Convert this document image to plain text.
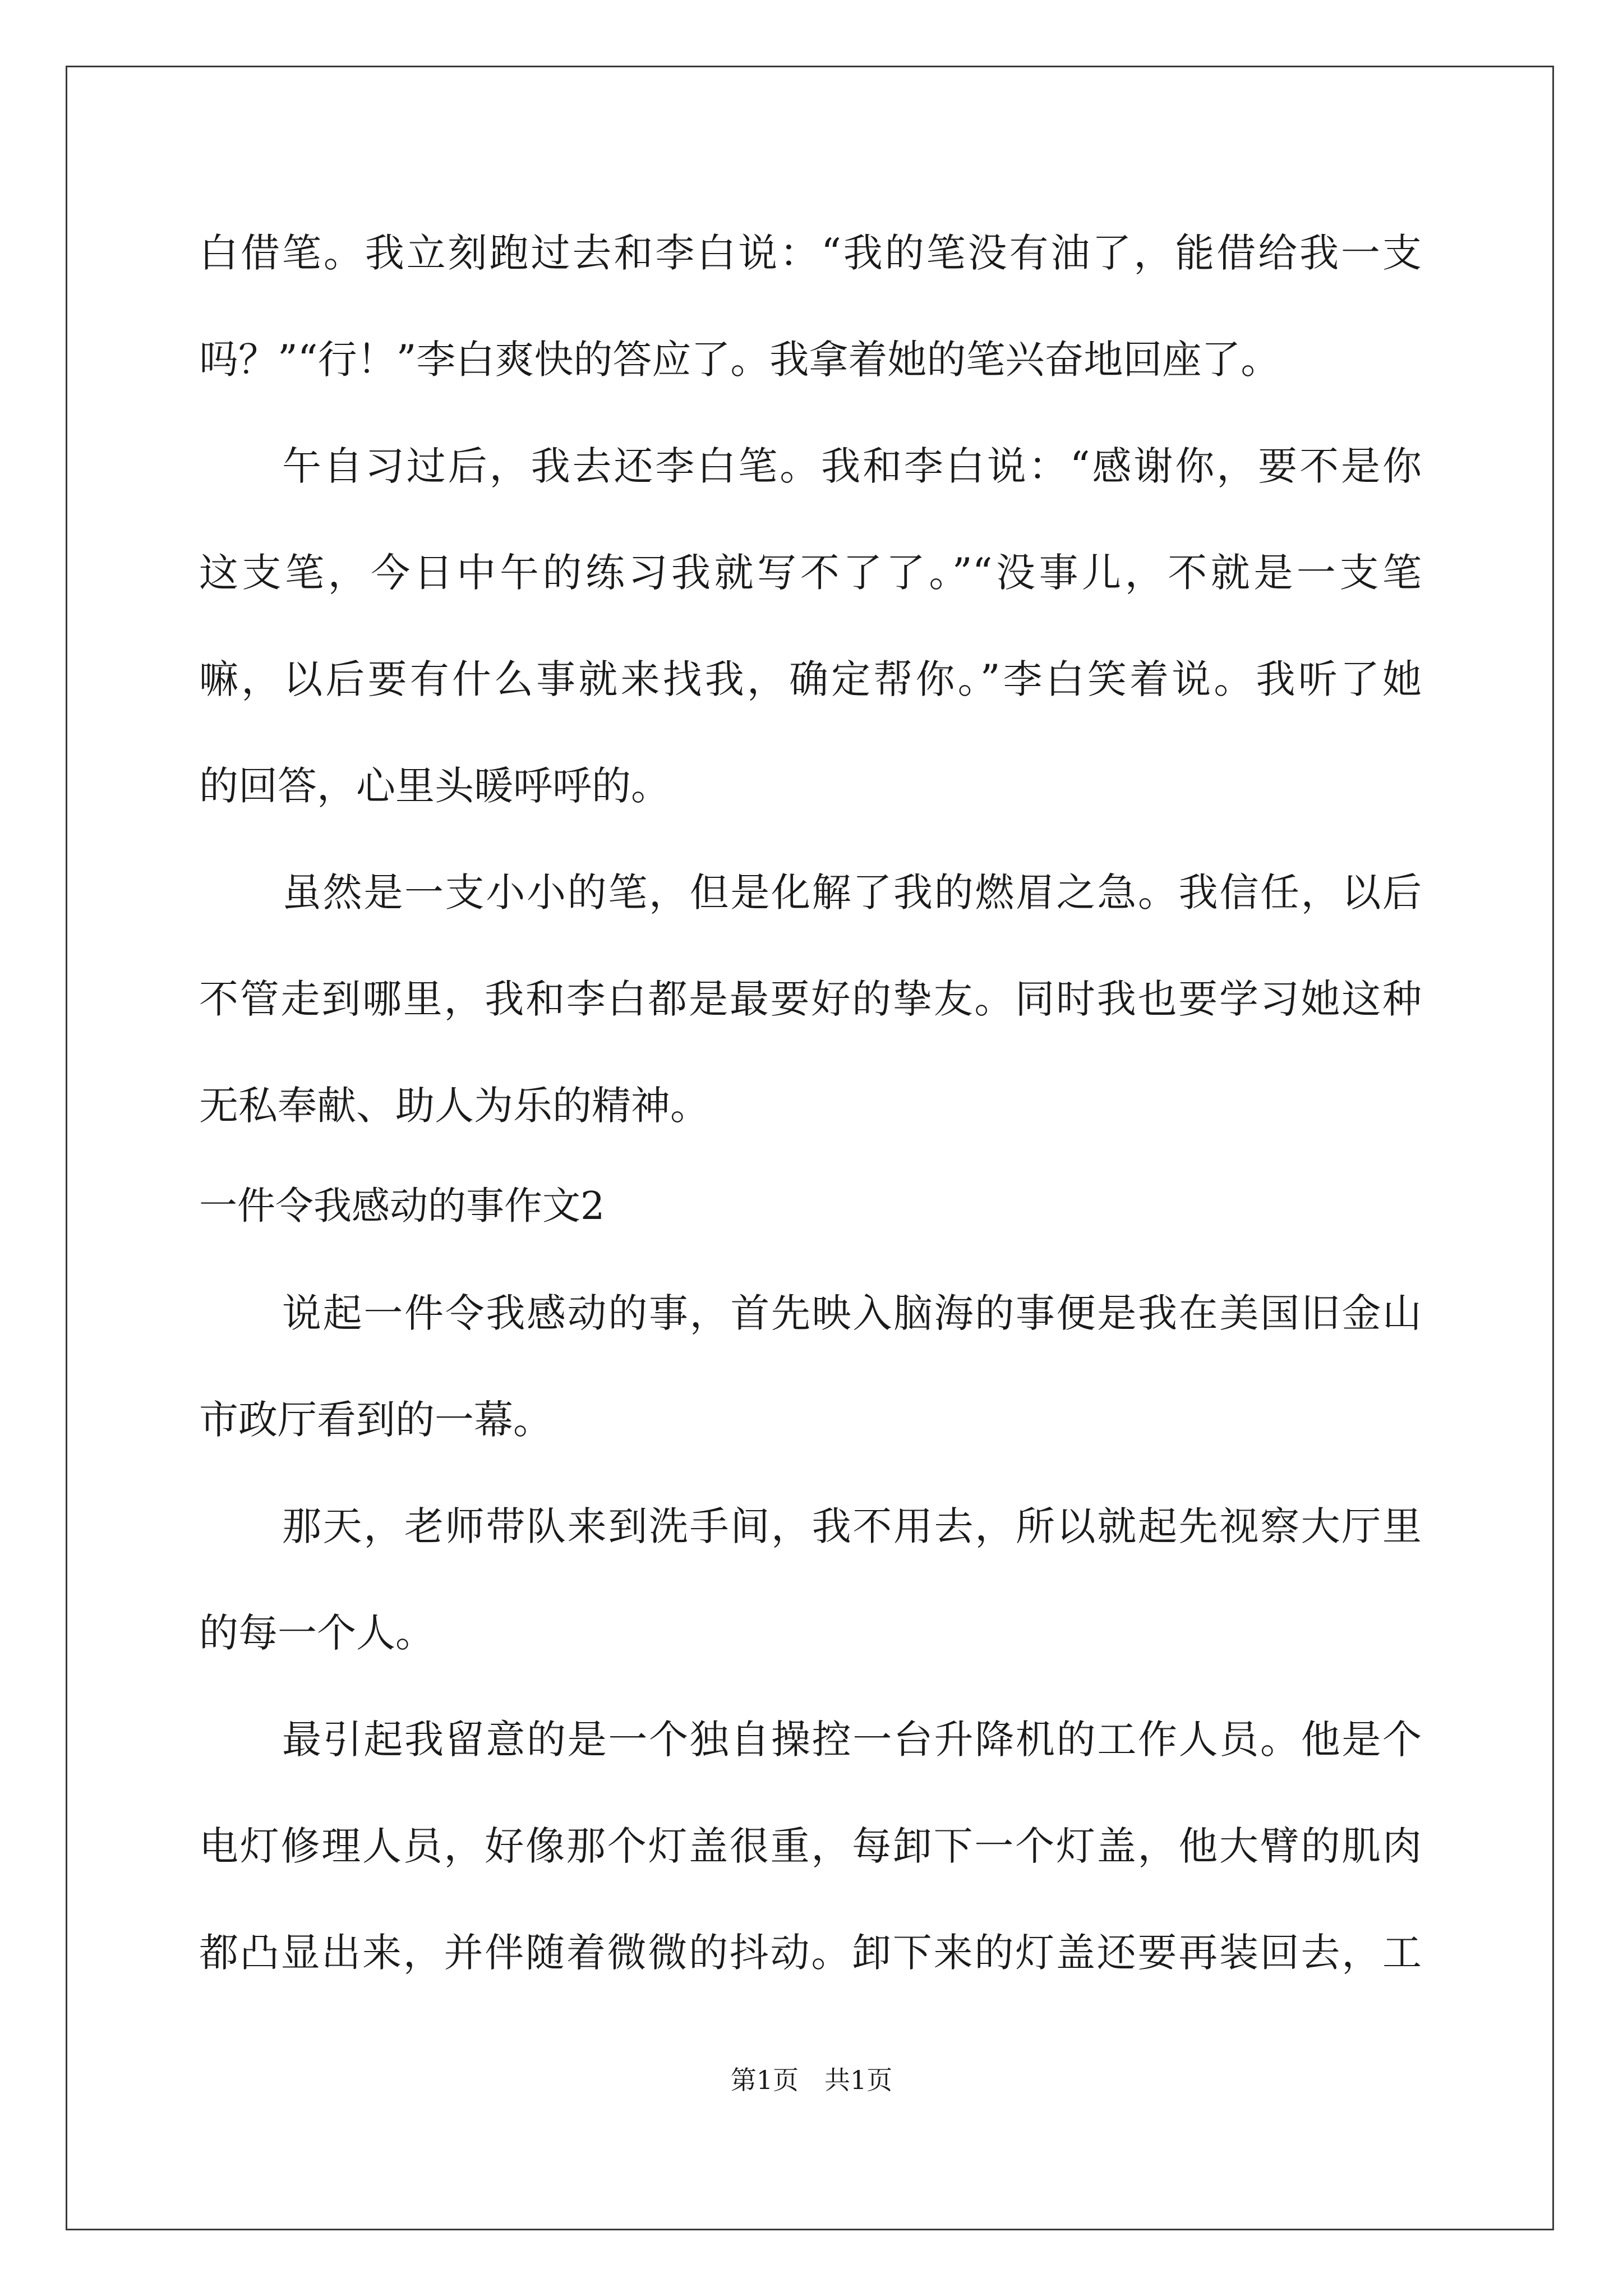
白借笔。我立刻跑过去和李白说：“我的笔没有油了，能借给我一支
吗？”“行！”李白爽快的答应了。我拿着她的笔兴奋地回座了。
午自习过后，我去还李白笔。我和李白说：“感谢你，要不是你
这支笔，今日中午的练习我就写不了了。”“没事儿，不就是一支笔
嘛，以后要有什么事就来找我，确定帮你。”李白笑着说。我听了她
的回答，心里头暖呼呼的。
虽然是一支小小的笔，但是化解了我的燃眉之急。我信任，以后
不管走到哪里，我和李白都是最要好的挚友。同时我也要学习她这种
无私奉献、助人为乐的精神。
一件令我感动的事作文2
说起一件令我感动的事，首先映入脑海的事便是我在美国旧金山
市政厅看到的一幕。
那天，老师带队来到洗手间，我不用去，所以就起先视察大厅里
的每一个人。
最引起我留意的是一个独自操控一台升降机的工作人员。他是个
电灯修理人员，好像那个灯盖很重，每卸下一个灯盖，他大臂的肌肉
都凸显出来，并伴随着微微的抖动。卸下来的灯盖还要再装回去，工
第1页　共1页
